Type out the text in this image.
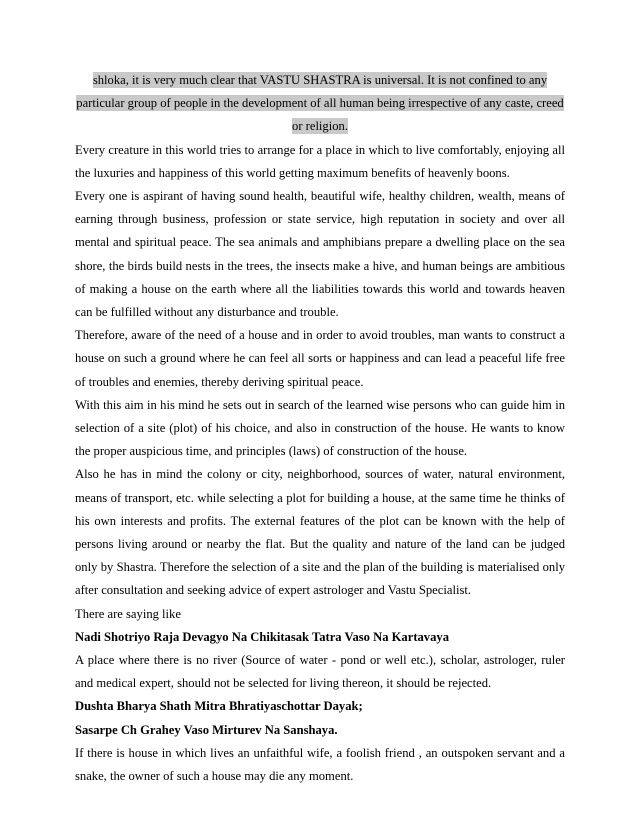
shloka, it is very much clear that VASTU SHASTRA is universal. It is not confined to any particular group of people in the development of all human being irrespective of any caste, creed or religion.

Every creature in this world tries to arrange for a place in which to live comfortably, enjoying all the luxuries and happiness of this world getting maximum benefits of heavenly boons.

Every one is aspirant of having sound health, beautiful wife, healthy children, wealth, means of earning through business, profession or state service, high reputation in society and over all mental and spiritual peace. The sea animals and amphibians prepare a dwelling place on the sea shore, the birds build nests in the trees, the insects make a hive, and human beings are ambitious of making a house on the earth where all the liabilities towards this world and towards heaven can be fulfilled without any disturbance and trouble.

Therefore, aware of the need of a house and in order to avoid troubles, man wants to construct a house on such a ground where he can feel all sorts or happiness and can lead a peaceful life free of troubles and enemies, thereby deriving spiritual peace.

With this aim in his mind he sets out in search of the learned wise persons who can guide him in selection of a site (plot) of his choice, and also in construction of the house. He wants to know the proper auspicious time, and principles (laws) of construction of the house.

Also he has in mind the colony or city, neighborhood, sources of water, natural environment, means of transport, etc. while selecting a plot for building a house, at the same time he thinks of his own interests and profits. The external features of the plot can be known with the help of persons living around or nearby the flat. But the quality and nature of the land can be judged only by Shastra. Therefore the selection of a site and the plan of the building is materialised only after consultation and seeking advice of expert astrologer and Vastu Specialist.

There are saying like

Nadi Shotriyo Raja Devagyo Na Chikitasak Tatra Vaso Na Kartavaya

A place where there is no river (Source of water - pond or well etc.), scholar, astrologer, ruler and medical expert, should not be selected for living thereon, it should be rejected.

Dushta Bharya Shath Mitra Bhratiyaschottar Dayak;

Sasarpe Ch Grahey Vaso Mirturev Na Sanshaya.

If there is house in which lives an unfaithful wife, a foolish friend , an outspoken servant and a snake, the owner of such a house may die any moment.
